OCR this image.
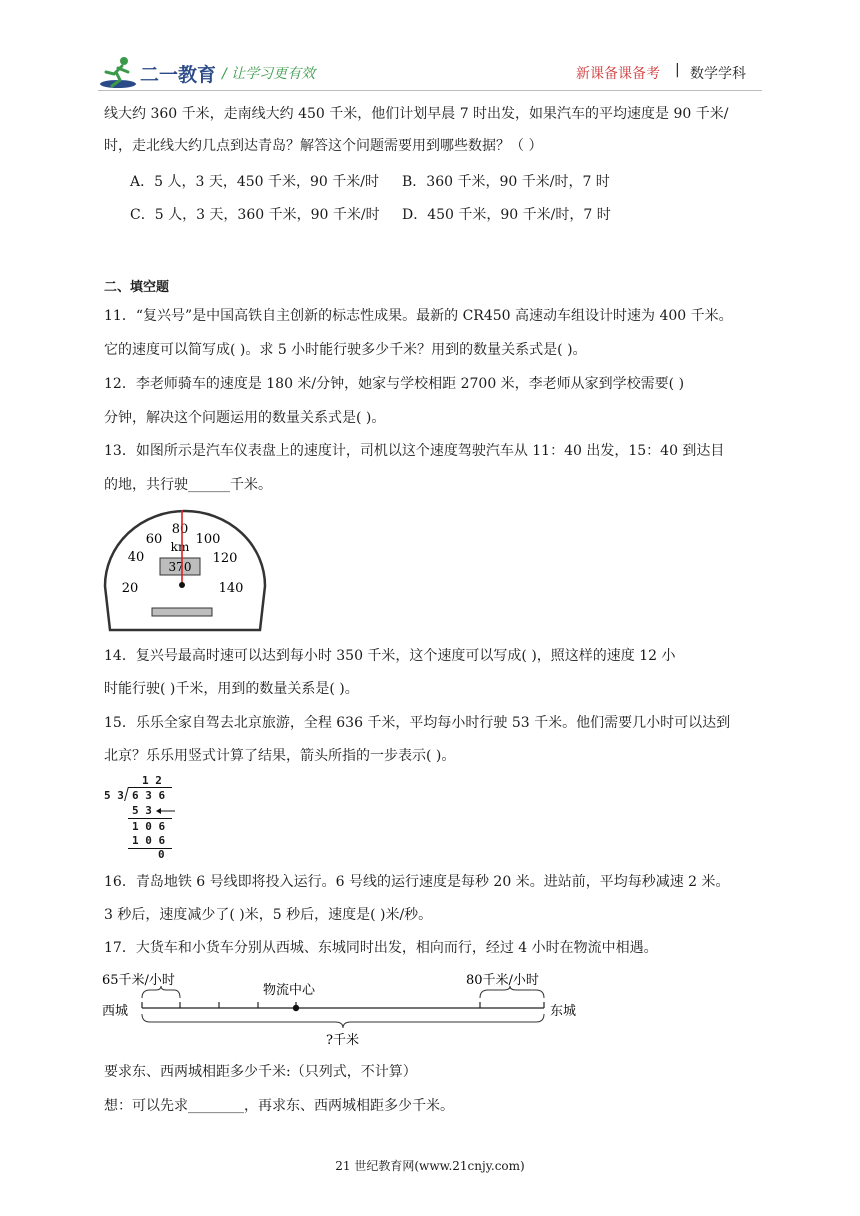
二一教育 / 让学习更有效	新课备课备考 | 数学学科
线大约 360 千米，走南线大约 450 千米，他们计划早晨 7 时出发，如果汽车的平均速度是 90 千米/
时，走北线大约几点到达青岛？解答这个问题需要用到哪些数据？（ ）
A．5 人，3 天，450 千米，90 千米/时 B．360 千米，90 千米/时，7 时
C．5 人，3 天，360 千米，90 千米/时 D．450 千米，90 千米/时，7 时
二、填空题
11．“复兴号”是中国高铁自主创新的标志性成果。最新的 CR450 高速动车组设计时速为 400 千米。
它的速度可以简写成( )。求 5 小时能行驶多少千米？用到的数量关系式是( )。
12．李老师骑车的速度是 180 米/分钟，她家与学校相距 2700 米，李老师从家到学校需要( )
分钟，解决这个问题运用的数量关系式是( )。
13．如图所示是汽车仪表盘上的速度计，司机以这个速度驾驶汽车从 11：40 出发，15：40 到达目
的地，共行驶______千米。
20
40
60
80
100
120
140
km
370
14．复兴号最高时速可以达到每小时 350 千米，这个速度可以写成( )，照这样的速度 12 小
时能行驶( )千米，用到的数量关系是( )。
15．乐乐全家自驾去北京旅游，全程 636 千米，平均每小时行驶 53 千米。他们需要几小时可以达到
北京？乐乐用竖式计算了结果，箭头所指的一步表示( )。
1 2
5 3 6 3 6
5 3
1 0 6
1 0 6
0
16．青岛地铁 6 号线即将投入运行。6 号线的运行速度是每秒 20 米。进站前，平均每秒减速 2 米。
3 秒后，速度减少了( )米，5 秒后，速度是( )米/秒。
17．大货车和小货车分别从西城、东城同时出发，相向而行，经过 4 小时在物流中相遇。
65千米/小时	80千米/小时
物流中心
西城	东城
?千米
要求东、西两城相距多少千米:（只列式，不计算）
想：可以先求________，再求东、西两城相距多少千米。
21 世纪教育网(www.21cnjy.com)
